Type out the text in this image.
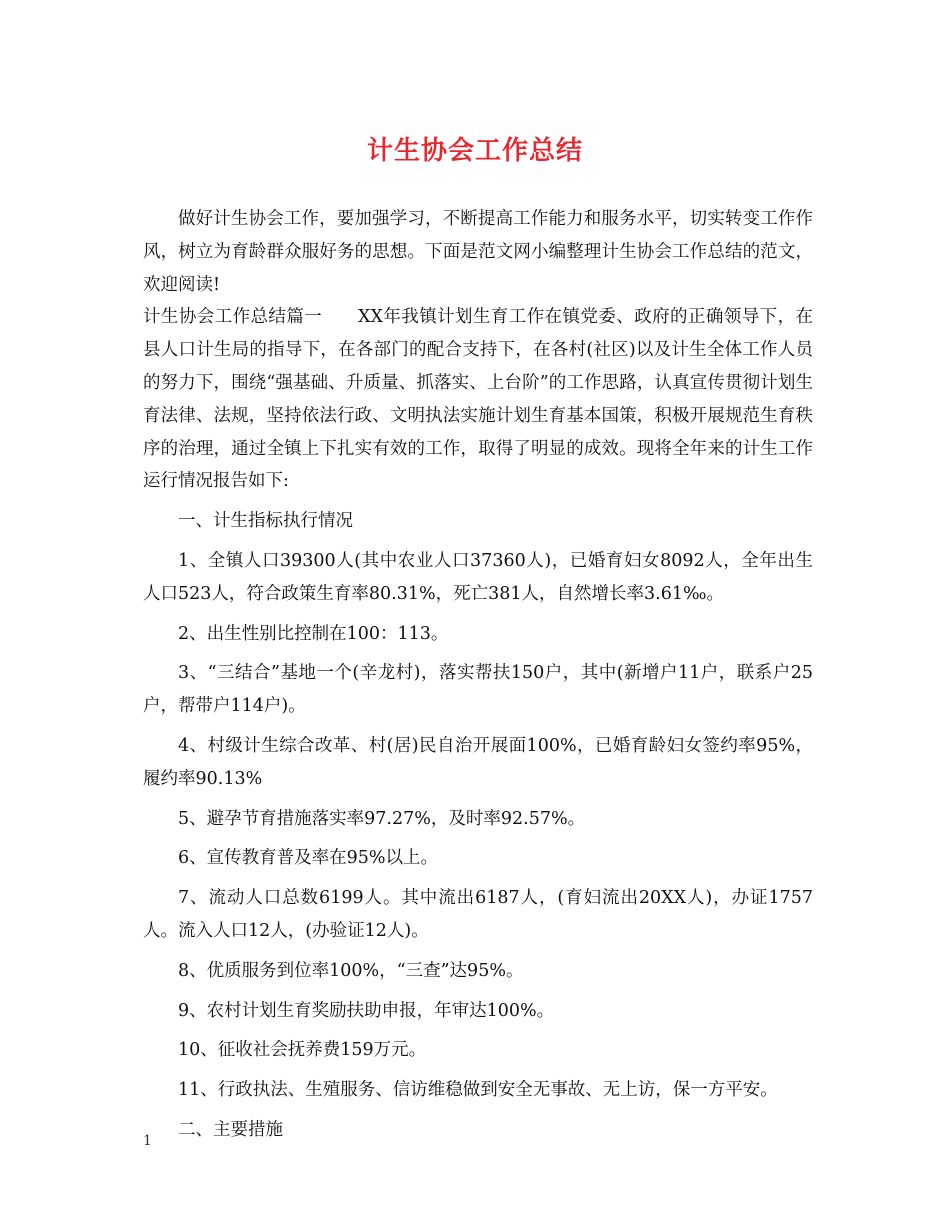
计生协会工作总结

做好计生协会工作，要加强学习，不断提高工作能力和服务水平，切实转变工作作风，树立为育龄群众服好务的思想。下面是范文网小编整理计生协会工作总结的范文，欢迎阅读!

计生协会工作总结篇一　　XX年我镇计划生育工作在镇党委、政府的正确领导下，在县人口计生局的指导下，在各部门的配合支持下，在各村(社区)以及计生全体工作人员的努力下，围绕“强基础、升质量、抓落实、上台阶”的工作思路，认真宣传贯彻计划生育法律、法规，坚持依法行政、文明执法实施计划生育基本国策，积极开展规范生育秩序的治理，通过全镇上下扎实有效的工作，取得了明显的成效。现将全年来的计生工作运行情况报告如下:

一、计生指标执行情况

1、全镇人口39300人(其中农业人口37360人)，已婚育妇女8092人，全年出生人口523人，符合政策生育率80.31%，死亡381人，自然增长率3.61‰。

2、出生性别比控制在100：113。

3、“三结合”基地一个(辛龙村)，落实帮扶150户，其中(新增户11户，联系户25户，帮带户114户)。

4、村级计生综合改革、村(居)民自治开展面100%，已婚育龄妇女签约率95%，履约率90.13%

5、避孕节育措施落实率97.27%，及时率92.57%。

6、宣传教育普及率在95%以上。

7、流动人口总数6199人。其中流出6187人，(育妇流出20XX人)，办证1757人。流入人口12人，(办验证12人)。

8、优质服务到位率100%，“三查”达95%。

9、农村计划生育奖励扶助申报，年审达100%。

10、征收社会抚养费159万元。

11、行政执法、生殖服务、信访维稳做到安全无事故、无上访，保一方平安。

二、主要措施

1
